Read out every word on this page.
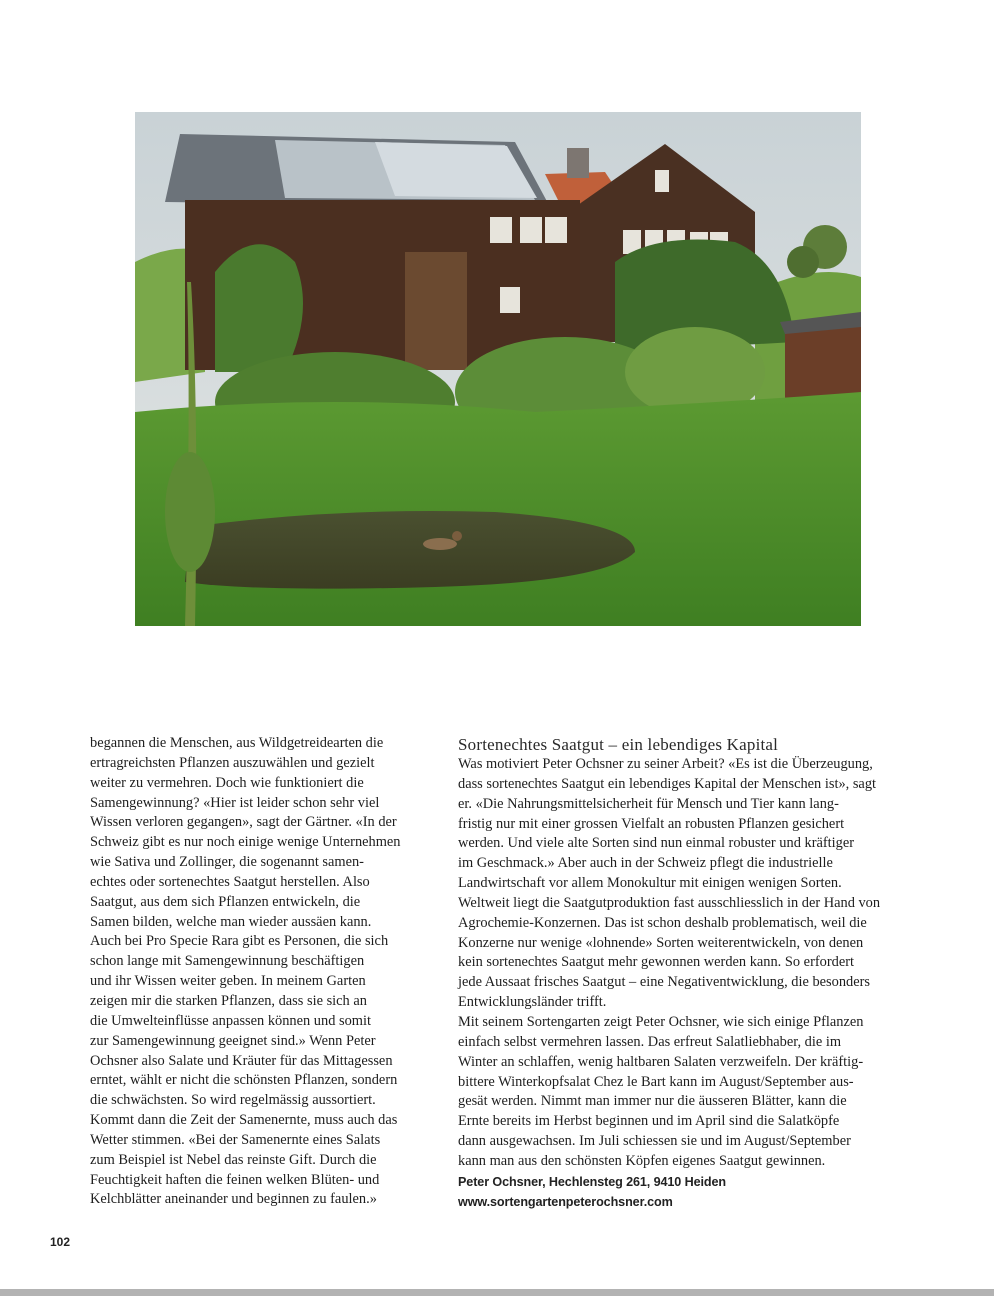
begannen die Menschen, aus Wildgetreidearten die

ertragreichsten Pflanzen auszuwählen und gezielt

weiter zu vermehren. Doch wie funktioniert die

Samengewinnung? «Hier ist leider schon sehr viel

Wissen verloren gegangen», sagt der Gärtner. «In der

Schweiz gibt es nur noch einige wenige Unternehmen

wie Sativa und Zollinger, die sogenannt samen-

echtes oder sortenechtes Saatgut herstellen. Also

Saatgut, aus dem sich Pflanzen entwickeln, die

Samen bilden, welche man wieder aussäen kann.

Auch bei Pro Specie Rara gibt es Personen, die sich

schon lange mit Samengewinnung beschäftigen

und ihr Wissen weiter geben. In meinem Garten

zeigen mir die starken Pflanzen, dass sie sich an

die Umwelteinflüsse anpassen können und somit

zur Samengewinnung geeignet sind.» Wenn Peter

Ochsner also Salate und Kräuter für das Mittagessen

erntet, wählt er nicht die schönsten Pflanzen, sondern

die schwächsten. So wird regelmässig aussortiert.

Kommt dann die Zeit der Samenernte, muss auch das

Wetter stimmen. «Bei der Samenernte eines Salats

zum Beispiel ist Nebel das reinste Gift. Durch die

Feuchtigkeit haften die feinen welken Blüten- und

Kelchblätter aneinander und beginnen zu faulen.»

Sortenechtes Saatgut – ein lebendiges Kapital

Was motiviert Peter Ochsner zu seiner Arbeit? «Es ist die Überzeugung,

dass sortenechtes Saatgut ein lebendiges Kapital der Menschen ist», sagt

er. «Die Nahrungsmittelsicherheit für Mensch und Tier kann lang-

fristig nur mit einer grossen Vielfalt an robusten Pflanzen gesichert

werden. Und viele alte Sorten sind nun einmal robuster und kräftiger

im Geschmack.» Aber auch in der Schweiz pflegt die industrielle

Landwirtschaft vor allem Monokultur mit einigen wenigen Sorten.

Weltweit liegt die Saatgutproduktion fast ausschliesslich in der Hand von

Agrochemie-Konzernen. Das ist schon deshalb problematisch, weil die

Konzerne nur wenige «lohnende» Sorten weiterentwickeln, von denen

kein sortenechtes Saatgut mehr gewonnen werden kann. So erfordert

jede Aussaat frisches Saatgut – eine Negativentwicklung, die besonders

Entwicklungsländer trifft.

Mit seinem Sortengarten zeigt Peter Ochsner, wie sich einige Pflanzen

einfach selbst vermehren lassen. Das erfreut Salatliebhaber, die im

Winter an schlaffen, wenig haltbaren Salaten verzweifeln. Der kräftig-

bittere Winterkopfsalat Chez le Bart kann im August/September aus-

gesät werden. Nimmt man immer nur die äusseren Blätter, kann die

Ernte bereits im Herbst beginnen und im April sind die Salatköpfe

dann ausgewachsen. Im Juli schiessen sie und im August/September

kann man aus den schönsten Köpfen eigenes Saatgut gewinnen.

Peter Ochsner, Hechlensteg 261, 9410 Heiden
www.sortengartenpeterochsner.com
102
